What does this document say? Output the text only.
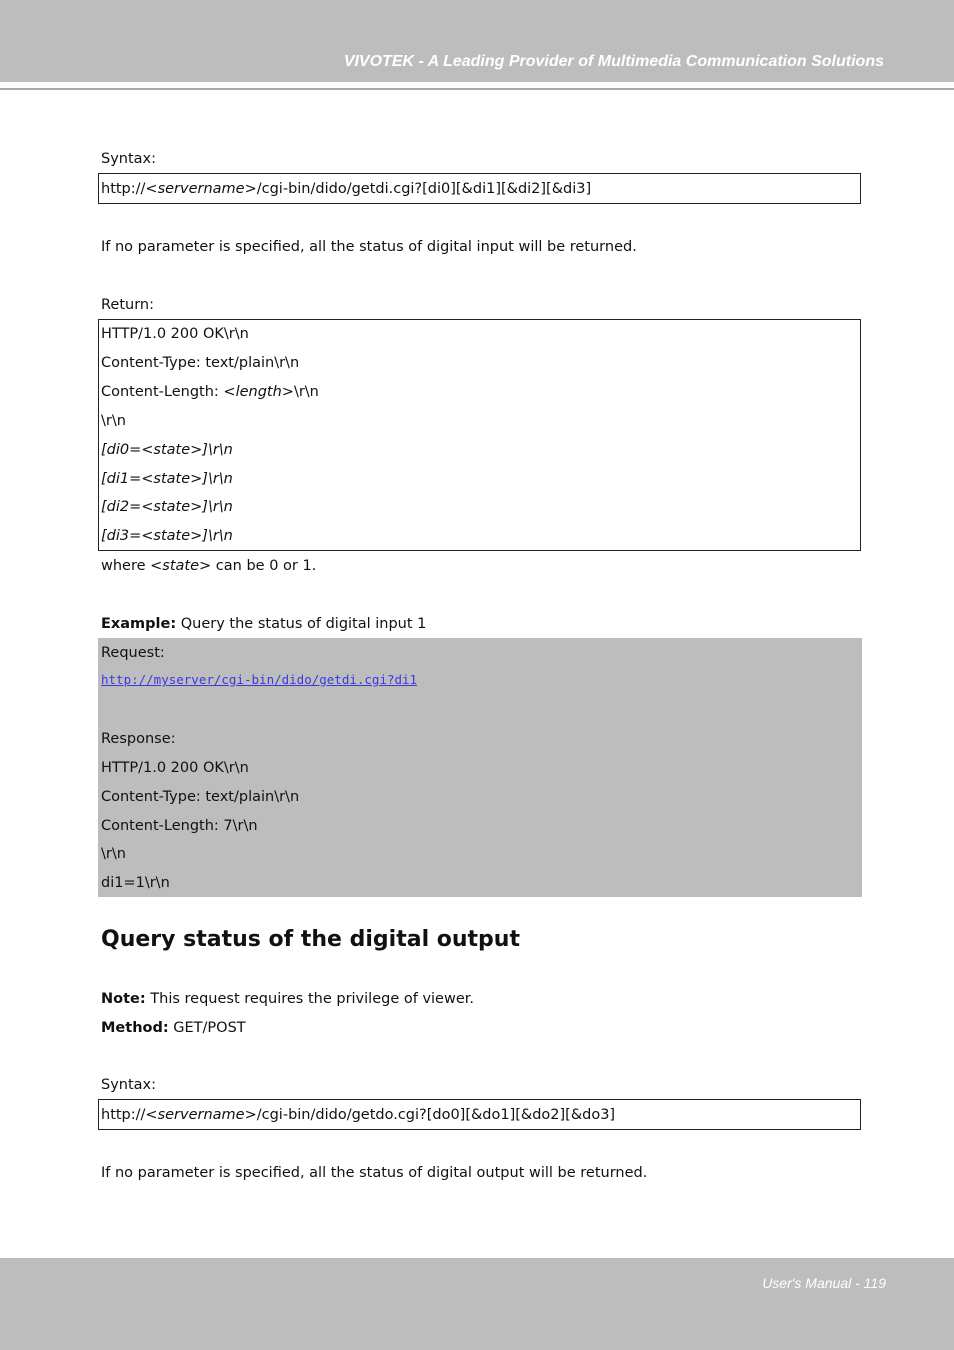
VIVOTEK - A Leading Provider of Multimedia Communication Solutions
Syntax:
http://<servername>/cgi-bin/dido/getdi.cgi?[di0][&di1][&di2][&di3]
If no parameter is specified, all the status of digital input will be returned.
Return:
HTTP/1.0 200 OK\r\n
Content-Type: text/plain\r\n
Content-Length: <length>\r\n
\r\n
[di0=<state>]\r\n
[di1=<state>]\r\n
[di2=<state>]\r\n
[di3=<state>]\r\n
where <state> can be 0 or 1.
Example: Query the status of digital input 1
Request:
http://myserver/cgi-bin/dido/getdi.cgi?di1
Response:
HTTP/1.0 200 OK\r\n
Content-Type: text/plain\r\n
Content-Length: 7\r\n
\r\n
di1=1\r\n
Query status of the digital output
Note: This request requires the privilege of viewer.
Method: GET/POST
Syntax:
http://<servername>/cgi-bin/dido/getdo.cgi?[do0][&do1][&do2][&do3]
If no parameter is specified, all the status of digital output will be returned.
User's Manual - 119
